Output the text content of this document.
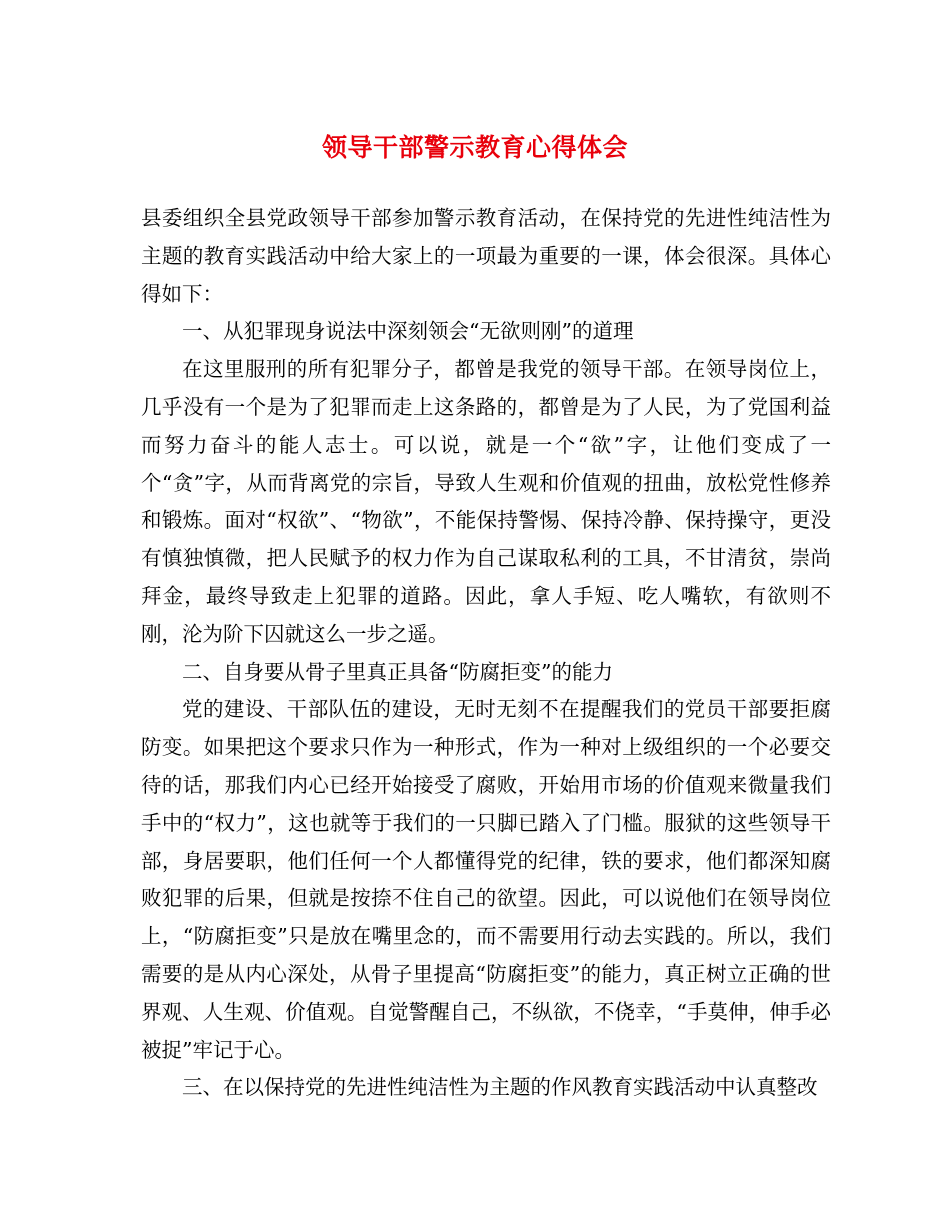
领导干部警示教育心得体会

县委组织全县党政领导干部参加警示教育活动，在保持党的先进性纯洁性为主题的教育实践活动中给大家上的一项最为重要的一课，体会很深。具体心得如下：

一、从犯罪现身说法中深刻领会“无欲则刚”的道理

在这里服刑的所有犯罪分子，都曾是我党的领导干部。在领导岗位上，几乎没有一个是为了犯罪而走上这条路的，都曾是为了人民，为了党国利益而努力奋斗的能人志士。可以说，就是一个“欲”字，让他们变成了一个“贪”字，从而背离党的宗旨，导致人生观和价值观的扭曲，放松党性修养和锻炼。面对“权欲”、“物欲”，不能保持警惕、保持冷静、保持操守，更没有慎独慎微，把人民赋予的权力作为自己谋取私利的工具，不甘清贫，崇尚拜金，最终导致走上犯罪的道路。因此，拿人手短、吃人嘴软，有欲则不刚，沦为阶下囚就这么一步之遥。

二、自身要从骨子里真正具备“防腐拒变”的能力

党的建设、干部队伍的建设，无时无刻不在提醒我们的党员干部要拒腐防变。如果把这个要求只作为一种形式，作为一种对上级组织的一个必要交待的话，那我们内心已经开始接受了腐败，开始用市场的价值观来微量我们手中的“权力”，这也就等于我们的一只脚已踏入了门槛。服狱的这些领导干部，身居要职，他们任何一个人都懂得党的纪律，铁的要求，他们都深知腐败犯罪的后果，但就是按捺不住自己的欲望。因此，可以说他们在领导岗位上，“防腐拒变”只是放在嘴里念的，而不需要用行动去实践的。所以，我们需要的是从内心深处，从骨子里提高“防腐拒变”的能力，真正树立正确的世界观、人生观、价值观。自觉警醒自己，不纵欲，不侥幸，“手莫伸，伸手必被捉”牢记于心。

三、在以保持党的先进性纯洁性为主题的作风教育实践活动中认真整改
